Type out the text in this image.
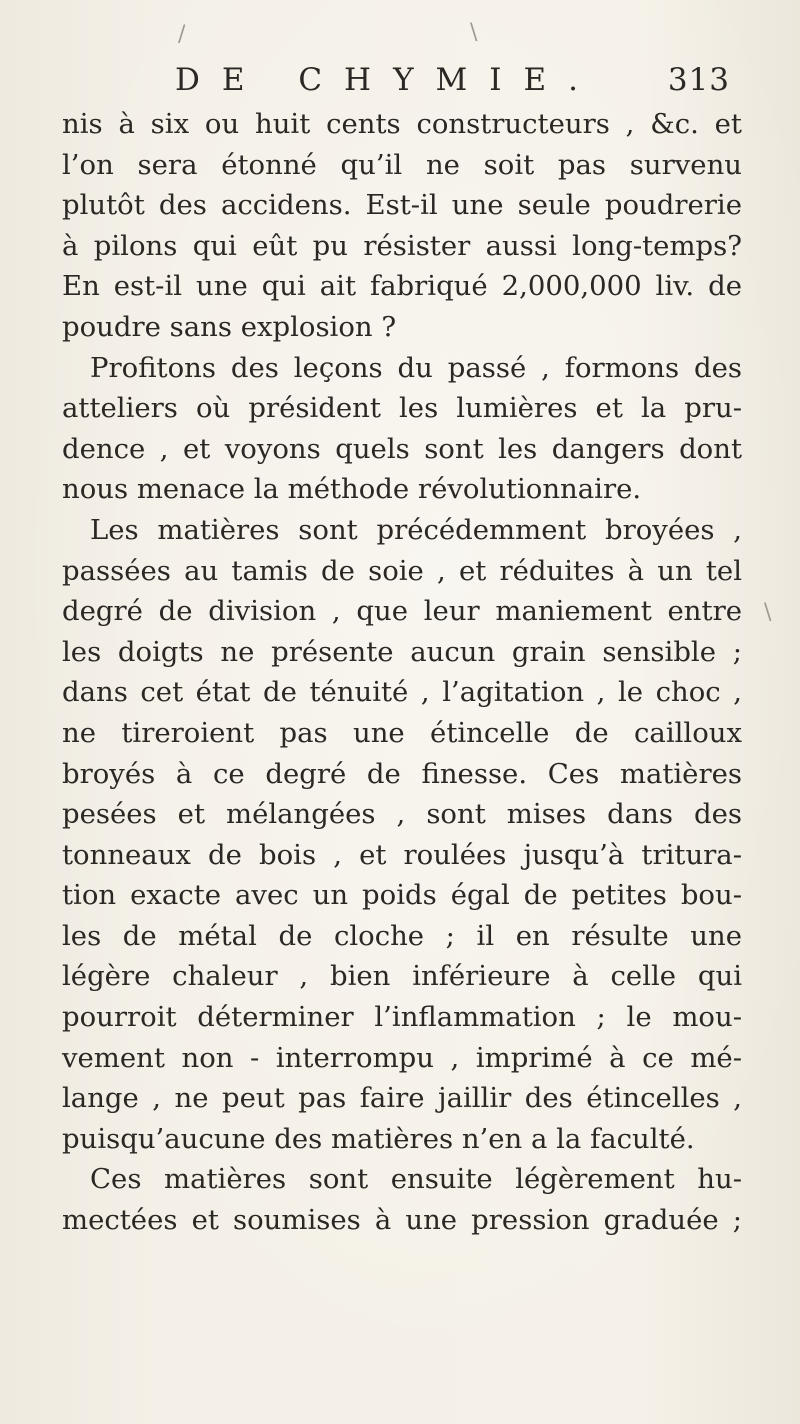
DE CHYMIE. 313
nis à six ou huit cents constructeurs , &c. et
l’on sera étonné qu’il ne soit pas survenu
plutôt des accidens. Est-il une seule poudrerie
à pilons qui eût pu résister aussi long-temps?
En est-il une qui ait fabriqué 2,000,000 liv. de
poudre sans explosion ?
Profitons des leçons du passé , formons des
atteliers où président les lumières et la pru-
dence , et voyons quels sont les dangers dont
nous menace la méthode révolutionnaire.
Les matières sont précédemment broyées ,
passées au tamis de soie , et réduites à un tel
degré de division , que leur maniement entre
les doigts ne présente aucun grain sensible ;
dans cet état de ténuité , l’agitation , le choc ,
ne tireroient pas une étincelle de cailloux
broyés à ce degré de finesse. Ces matières
pesées et mélangées , sont mises dans des
tonneaux de bois , et roulées jusqu’à tritura-
tion exacte avec un poids égal de petites bou-
les de métal de cloche ; il en résulte une
légère chaleur , bien inférieure à celle qui
pourroit déterminer l’inflammation ; le mou-
vement non - interrompu , imprimé à ce mé-
lange , ne peut pas faire jaillir des étincelles ,
puisqu’aucune des matières n’en a la faculté.
Ces matières sont ensuite légèrement hu-
mectées et soumises à une pression graduée ;
/	\
\
